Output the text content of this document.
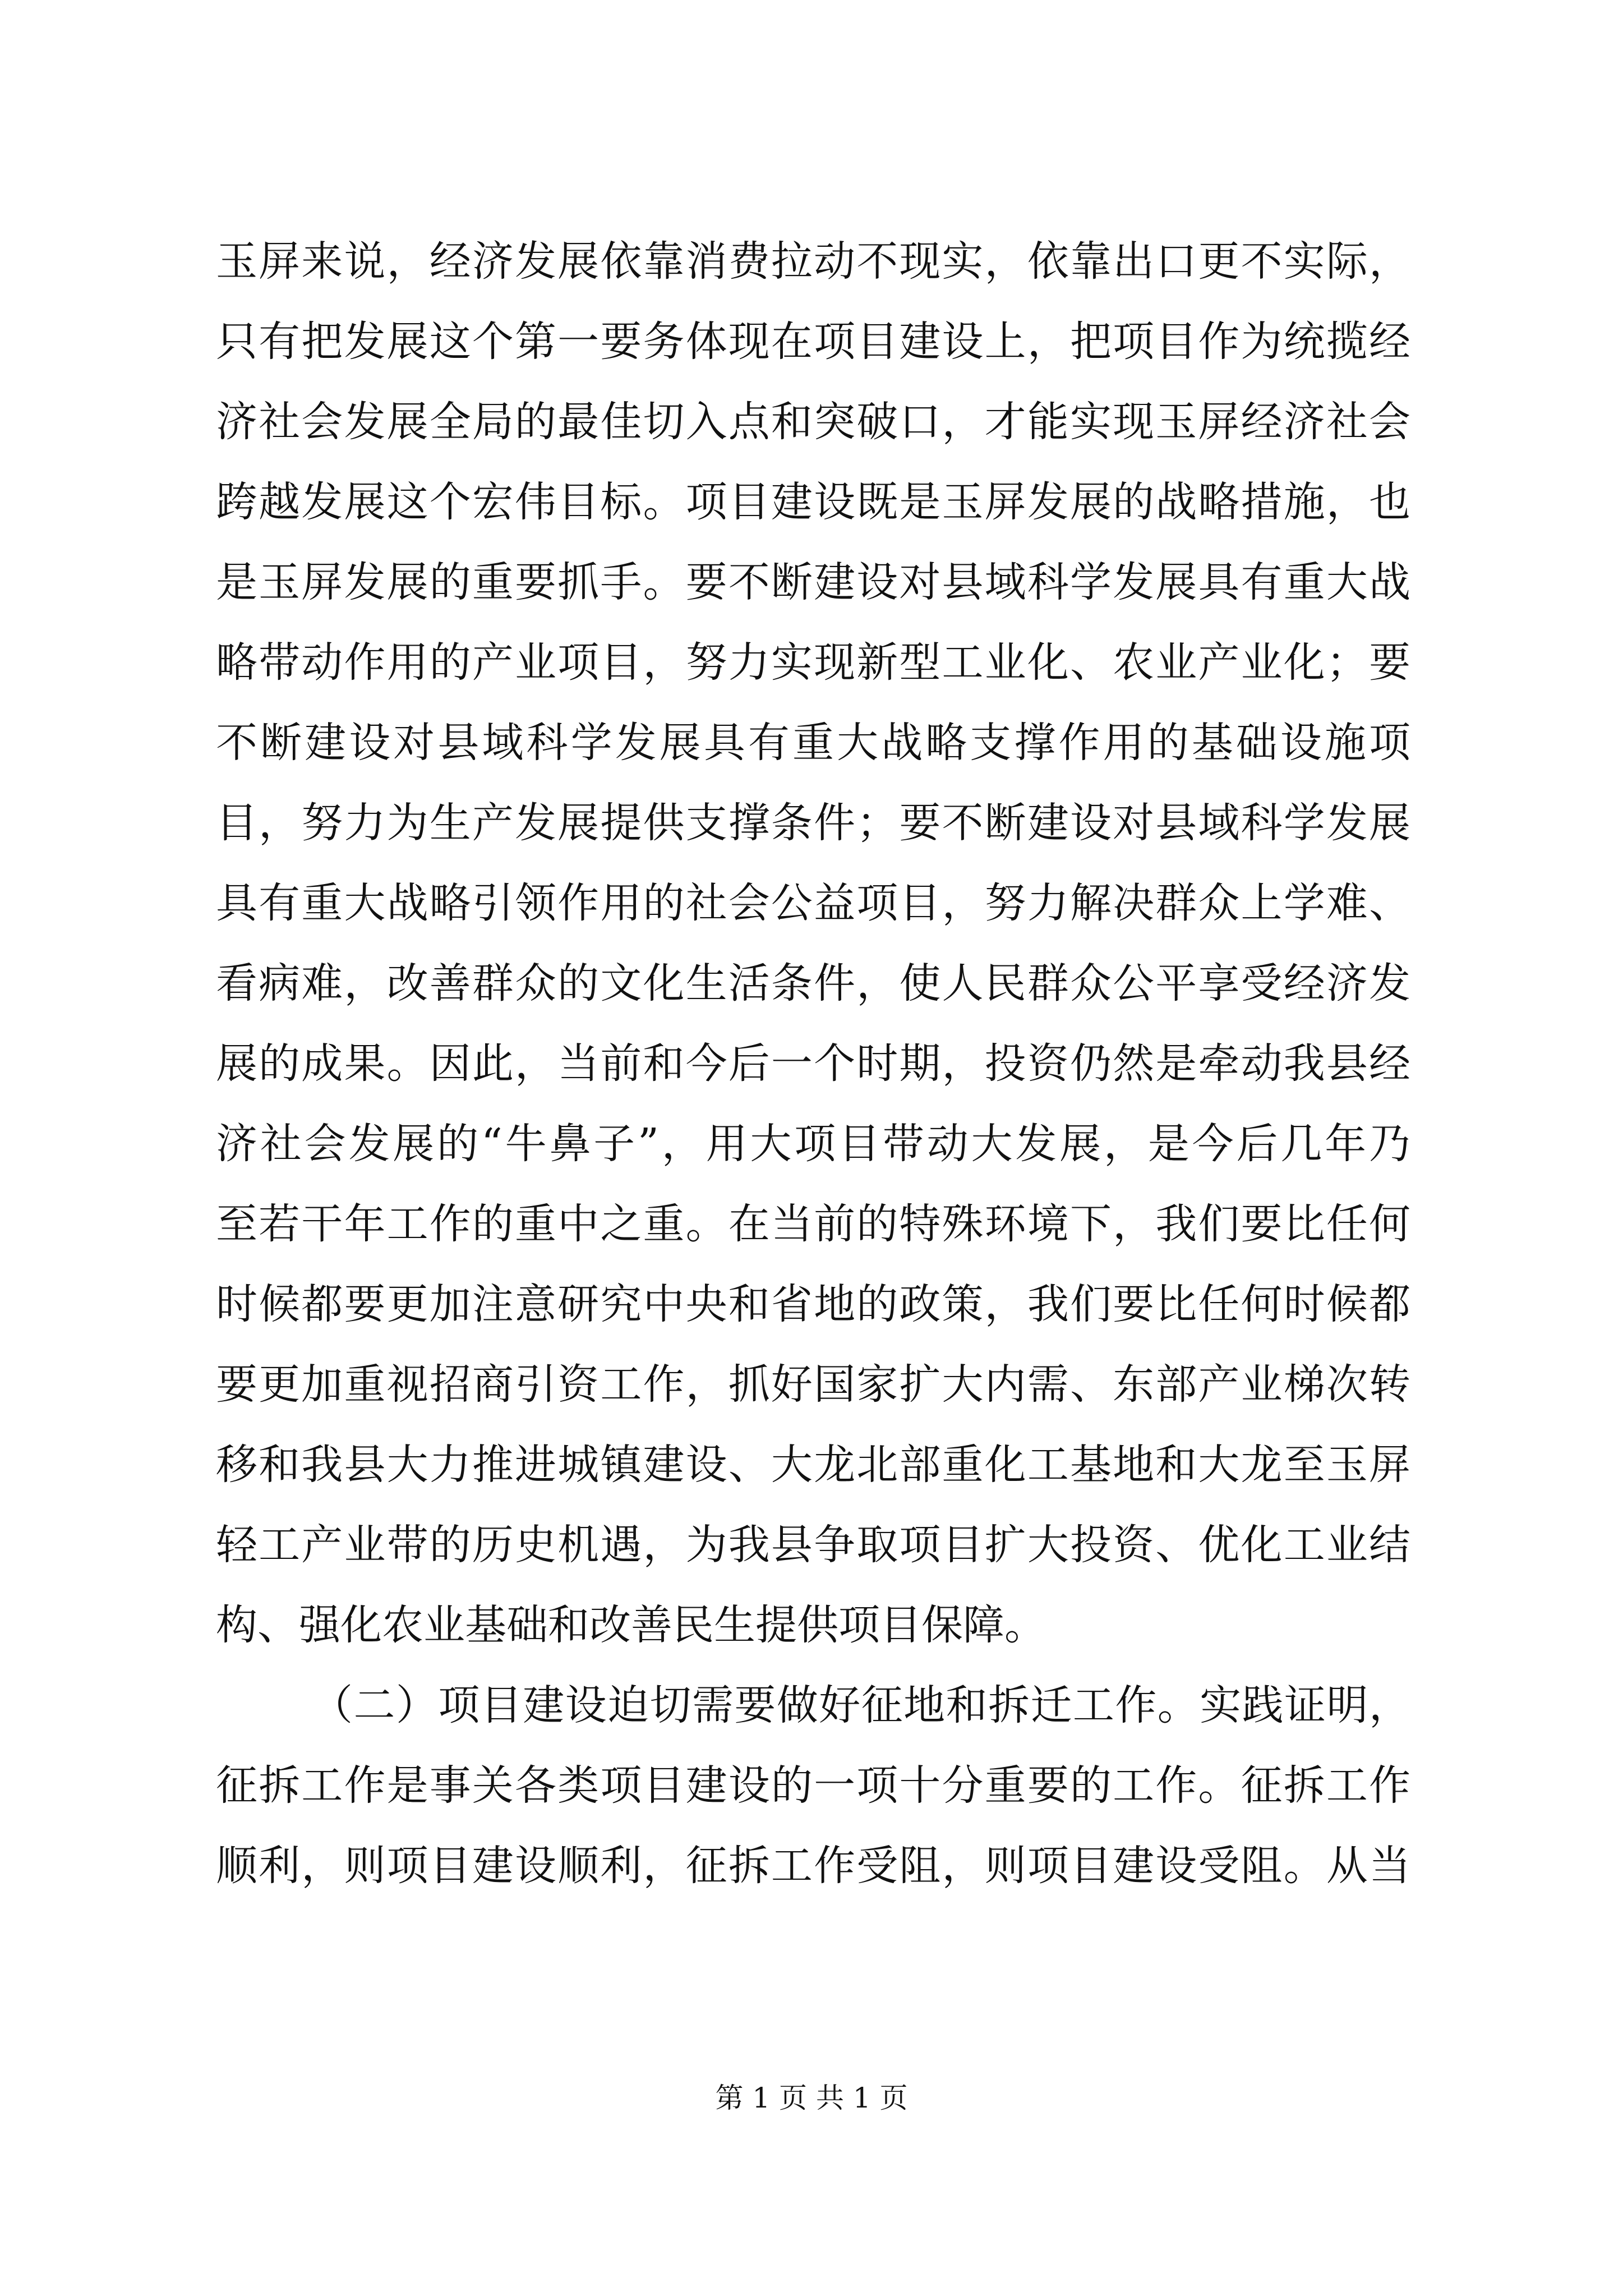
玉屏来说，经济发展依靠消费拉动不现实，依靠出口更不实际，
只有把发展这个第一要务体现在项目建设上，把项目作为统揽经
济社会发展全局的最佳切入点和突破口，才能实现玉屏经济社会
跨越发展这个宏伟目标。项目建设既是玉屏发展的战略措施，也
是玉屏发展的重要抓手。要不断建设对县域科学发展具有重大战
略带动作用的产业项目，努力实现新型工业化、农业产业化；要
不断建设对县域科学发展具有重大战略支撑作用的基础设施项
目，努力为生产发展提供支撑条件；要不断建设对县域科学发展
具有重大战略引领作用的社会公益项目，努力解决群众上学难、
看病难，改善群众的文化生活条件，使人民群众公平享受经济发
展的成果。因此，当前和今后一个时期，投资仍然是牵动我县经
济社会发展的“牛鼻子”，用大项目带动大发展，是今后几年乃
至若干年工作的重中之重。在当前的特殊环境下，我们要比任何
时候都要更加注意研究中央和省地的政策，我们要比任何时候都
要更加重视招商引资工作，抓好国家扩大内需、东部产业梯次转
移和我县大力推进城镇建设、大龙北部重化工基地和大龙至玉屏
轻工产业带的历史机遇，为我县争取项目扩大投资、优化工业结
构、强化农业基础和改善民生提供项目保障。
（二）项目建设迫切需要做好征地和拆迁工作。实践证明，
征拆工作是事关各类项目建设的一项十分重要的工作。征拆工作
顺利，则项目建设顺利，征拆工作受阻，则项目建设受阻。从当
第 1 页 共 1 页
